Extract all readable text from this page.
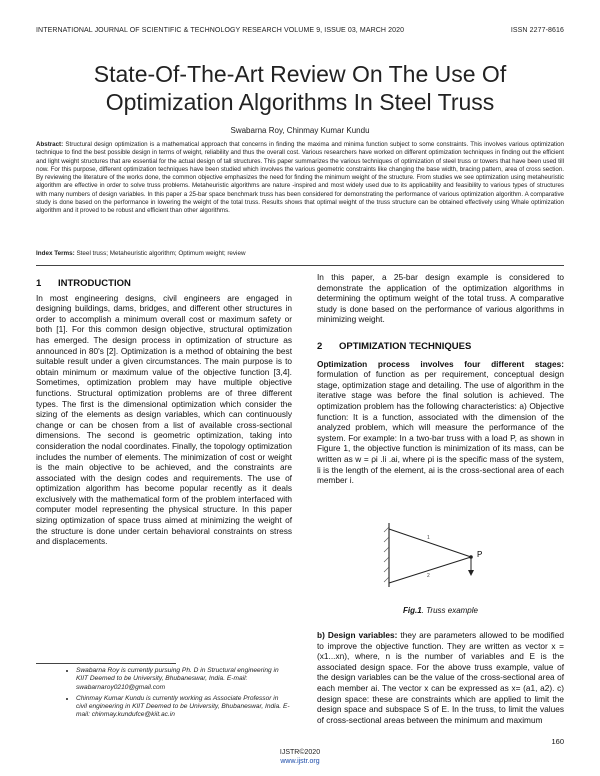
INTERNATIONAL JOURNAL OF SCIENTIFIC & TECHNOLOGY RESEARCH VOLUME 9, ISSUE 03, MARCH 2020	ISSN 2277-8616
State-Of-The-Art Review On The Use Of
Optimization Algorithms In Steel Truss
Swabarna Roy, Chinmay Kumar Kundu
Abstract: Structural design optimization is a mathematical approach that concerns in finding the maxima and minima function subject to some constraints. This involves various optimization technique to find the best possible design in terms of weight, reliability and thus the overall cost. Various researchers have worked on different optimization techniques in finding out the efficient and light weight structures that are essential for the actual design of tall structures. This paper summarizes the various techniques of optimization of steel truss or towers that have been used till now. For this purpose, different optimization techniques have been studied which involves the various geometric constraints like changing the base width, bracing pattern, area of cross section. By reviewing the literature of the works done, the common objective emphasizes the need for finding the minimum weight of the structure. From studies we see optimization using metaheuristic algorithm are effective in order to solve truss problems. Metaheuristic algorithms are nature -inspired and most widely used due to its applicability and feasibility to various types of structures with many numbers of design variables. In this paper a 25-bar space benchmark truss has been considered for demonstrating the performance of various optimization algorithm. A comparative study is done based on the performance in lowering the weight of the total truss. Results shows that optimal weight of the truss structure can be obtained effectively using Whale optimization algorithm and it proved to be robust and efficient than other algorithms.
Index Terms: Steel truss; Metaheuristic algorithm; Optimum weight; review
1 INTRODUCTION

In most engineering designs, civil engineers are engaged in designing buildings, dams, bridges, and different other structures in order to accomplish a minimum overall cost or maximum safety or both [1]. For this common design objective, structural optimization has emerged. The design process in optimization of structure as announced in 80's [2]. Optimization is a method of obtaining the best suitable result under a given circumstances. The main purpose is to obtain minimum or maximum value of the objective function [3,4]. Sometimes, optimization problem may have multiple objective functions. Structural optimization problems are of three different types. The first is the dimensional optimization which consider the sizing of the elements as design variables, which can continuously change or can be chosen from a list of available cross-sectional dimensions. The second is geometric optimization, taking into consideration the nodal coordinates. Finally, the topology optimization includes the number of elements. The minimization of cost or weight is the main objective to be achieved, and the constraints are associated with the design codes and requirements. The use of optimization algorithm has become popular recently as it deals exclusively with the mathematical form of the problem interfaced with computer model representing the physical structure. In this paper sizing optimization of space truss aimed at minimizing the weight of the structure is done under certain behavioral constraints on stress and displacements.

In this paper, a 25-bar design example is considered to demonstrate the application of the optimization algorithms in determining the optimum weight of the total truss. A comparative study is done based on the performance of various algorithms in minimizing weight.

2 OPTIMIZATION TECHNIQUES

Optimization process involves four different stages: formulation of function as per requirement, conceptual design stage, optimization stage and detailing. The use of algorithm in the iterative stage was before the final solution is achieved. The optimization problem has the following characteristics: a) Objective function: It is a function, associated with the dimension of the analyzed problem, which will measure the performance of the system. For example: In a two-bar truss with a load P, as shown in Figure 1, the objective function is minimization of its mass, can be written as w = ρi .li .ai, where ρi is the specific mass of the system, li is the length of the element, ai is the cross-sectional area of each member i.

P
1
2
Fig.1. Truss example
b) Design variables: they are parameters allowed to be modified to improve the objective function. They are written as vector x = (x1...xn), where, n is the number of variables and E is the associated design space. For the above truss example, value of the design variables can be the value of the cross-sectional area of each member ai. The vector x can be expressed as x= (a1, a2). c) design space: these are constraints which are applied to limit the design space and subspace S of E. In the truss, to limit the values of cross-sectional areas between the minimum and maximum
• Swabarna Roy is currently pursuing Ph. D in Structural engineering in KIIT Deemed to be University, Bhubaneswar, India. E-mail: swabarnaroy0210@gmail.com
• Chinmay Kumar Kundu is currently working as Associate Professor in civil engineering in KIIT Deemed to be University, Bhubaneswar, India. E-mail: chinmay.kundufce@kiit.ac.in
160
IJSTR©2020
www.ijstr.org
